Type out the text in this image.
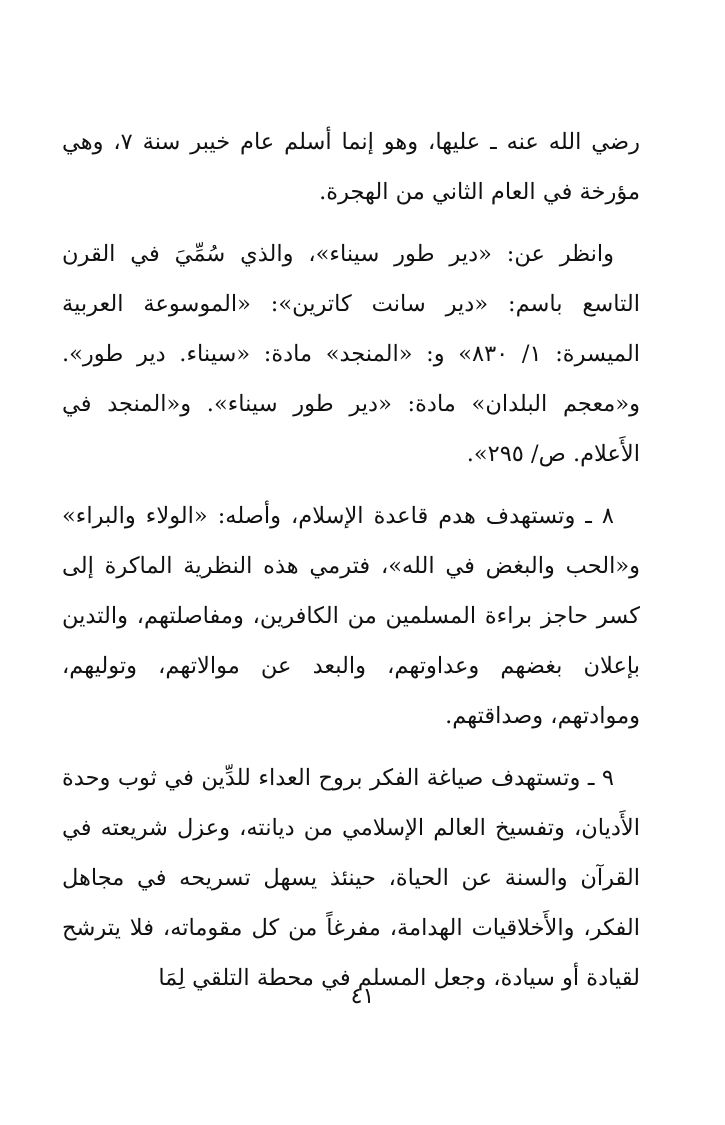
رضي الله عنه ـ عليها، وهو إنما أسلم عام خيبر سنة ٧، وهي مؤرخة في العام الثاني من الهجرة.

وانظر عن: «دير طور سيناء»، والذي سُمِّيَ في القرن التاسع باسم: «دير سانت كاترين»: «الموسوعة العربية الميسرة: ١/ ٨٣٠» و: «المنجد» مادة: «سيناء. دير طور». و«معجم البلدان» مادة: «دير طور سيناء». و«المنجد في الأَعلام. ص/ ٢٩٥».

٨ ـ وتستهدف هدم قاعدة الإسلام، وأصله: «الولاء والبراء» و«الحب والبغض في الله»، فترمي هذه النظرية الماكرة إلى كسر حاجز براءة المسلمين من الكافرين، ومفاصلتهم، والتدين بإعلان بغضهم وعداوتهم، والبعد عن موالاتهم، وتوليهم، وموادتهم، وصداقتهم.

٩ ـ وتستهدف صياغة الفكر بروح العداء للدِّين في ثوب وحدة الأَديان، وتفسيخ العالم الإسلامي من ديانته، وعزل شريعته في القرآن والسنة عن الحياة، حينئذ يسهل تسريحه في مجاهل الفكر، والأَخلاقيات الهدامة، مفرغاً من كل مقوماته، فلا يترشح لقيادة أو سيادة، وجعل المسلم في محطة التلقي لِمَا

٤١
